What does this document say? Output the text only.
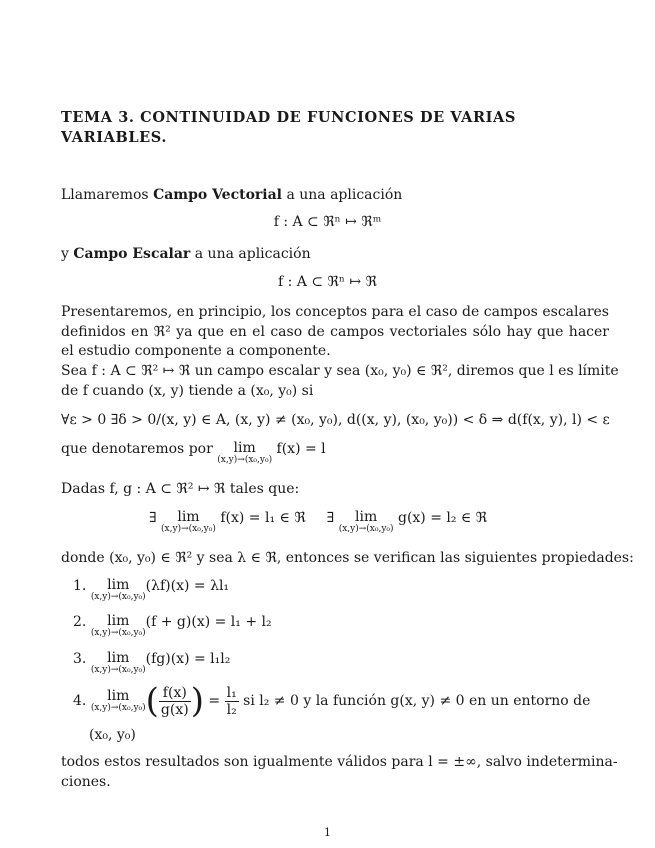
TEMA 3. CONTINUIDAD DE FUNCIONES DE VARIAS VARIABLES.
Llamaremos Campo Vectorial a una aplicación
f : A ⊂ ℜⁿ ↦ ℜᵐ
y Campo Escalar a una aplicación
f : A ⊂ ℜⁿ ↦ ℜ
Presentaremos, en principio, los conceptos para el caso de campos escalares definidos en ℜ² ya que en el caso de campos vectoriales sólo hay que hacer el estudio componente a componente.
Sea f : A ⊂ ℜ² ↦ ℜ un campo escalar y sea (x₀, y₀) ∈ ℜ², diremos que l es límite
de f cuando (x, y) tiende a (x₀, y₀) si
∀ε > 0 ∃δ > 0/(x, y) ∈ A, (x, y) ≠ (x₀, y₀), d((x, y), (x₀, y₀)) < δ ⇒ d(f(x, y), l) < ε
que denotaremos por	lim
(x,y)→(x₀,y₀)
f(x) = l
Dadas f, g : A ⊂ ℜ² ↦ ℜ tales que:
∃	lim
(x,y)→(x₀,y₀)
f(x) = l₁ ∈ ℜ ∃	lim
(x,y)→(x₀,y₀)
g(x) = l₂ ∈ ℜ
donde (x₀, y₀) ∈ ℜ² y sea λ ∈ ℜ, entonces se verifican las siguientes propiedades:
1.	lim
(x,y)→(x₀,y₀)
(λf)(x) = λl₁
2.	lim
(x,y)→(x₀,y₀)
(f + g)(x) = l₁ + l₂
3.	lim
(x,y)→(x₀,y₀)
(fg)(x) = l₁l₂
4.	lim
(x,y)→(x₀,y₀) ( $\frac{f(x)}{g(x)}$ ) = $\frac{\text{l₁}}{\text{l₂}}$ si l₂ ≠ 0 y la función g(x, y) ≠ 0 en un entorno de
(x₀, y₀)
todos estos resultados son igualmente válidos para l = ±∞, salvo indetermina-
ciones.
1
